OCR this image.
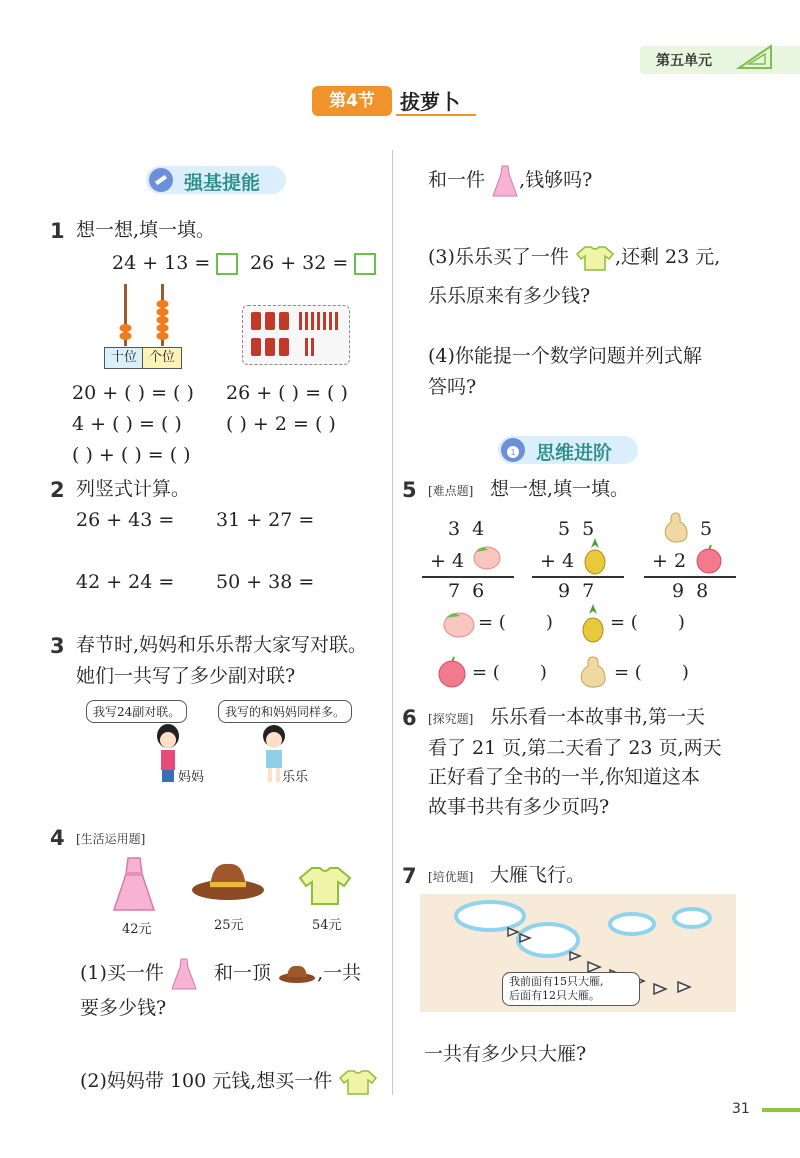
第五单元
第4节	拔萝卜
强基提能
1 想一想,填一填。
24 + 13 =	26 + 32 =
十位 个位
20 + ( ) = ( ) 26 + ( ) = ( )
4 + ( ) = ( ) ( ) + 2 = ( )
( ) + ( ) = ( )
2 列竖式计算。
26 + 43 = 31 + 27 =
42 + 24 = 50 + 38 =
3 春节时,妈妈和乐乐帮大家写对联。
她们一共写了多少副对联?
我写24副对联。	我写的和妈妈同样多。
妈妈	乐乐
4 [生活运用题]
42元	25元	54元
(1)买一件	和一顶 ,一共
要多少钱?
(2)妈妈带 100 元钱,想买一件
和一件 ,钱够吗?
(3)乐乐买了一件 ,还剩 23 元,
乐乐原来有多少钱?
(4)你能提一个数学问题并列式解
答吗?
1 思维进阶
5 [难点题] 想一想,填一填。
3  4
+ 4
7  6
5  5
+ 4
9  7
5
+ 2
9  8
= (       )	= (       )
= (       )	= (       )
6 [探究题] 乐乐看一本故事书,第一天
看了 21 页,第二天看了 23 页,两天
正好看了全书的一半,你知道这本
故事书共有多少页吗?
7 [培优题] 大雁飞行。
我前面有15只大雁,
后面有12只大雁。
一共有多少只大雁?
31
